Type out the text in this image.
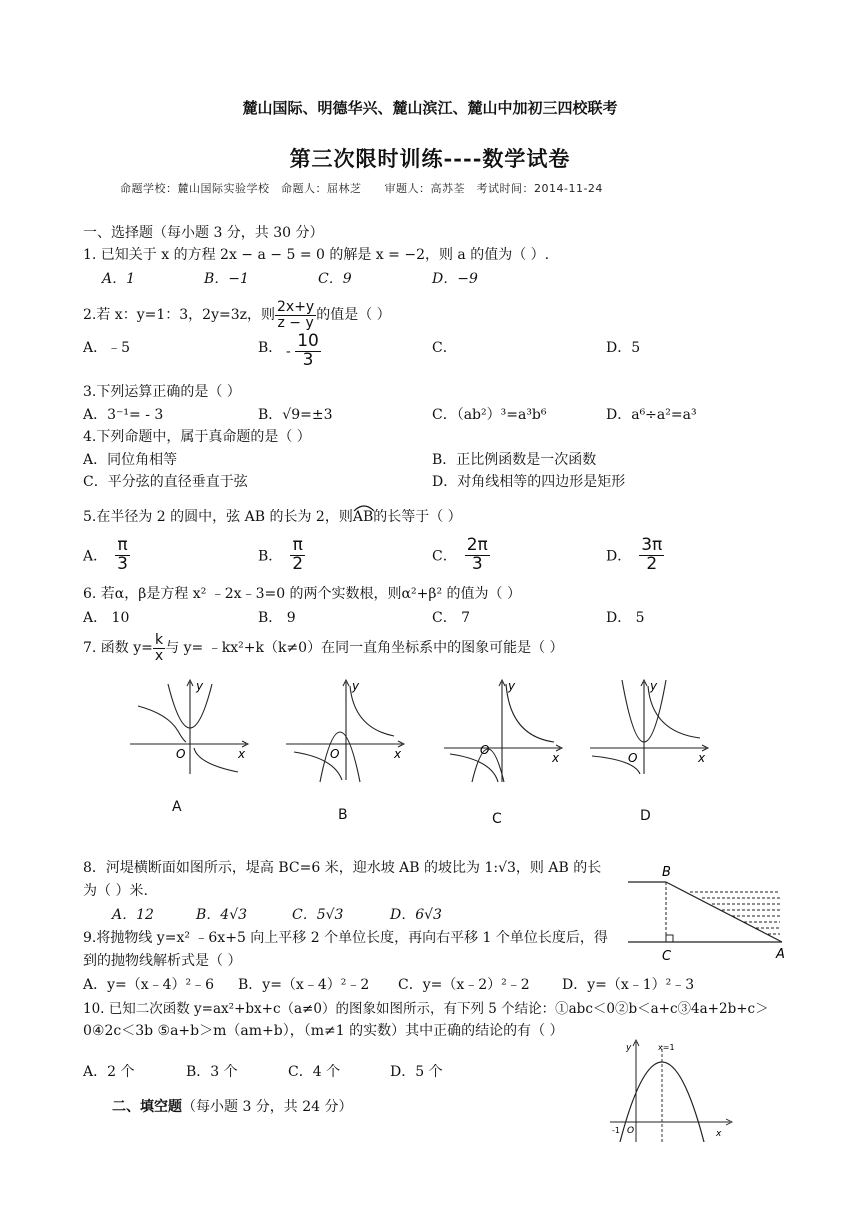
麓山国际、明德华兴、麓山滨江、麓山中加初三四校联考
第三次限时训练----数学试卷
命题学校：麓山国际实验学校　命题人：屈林芝　　审题人：高苏荃　考试时间：2014-11-24
一、选择题（每小题 3 分，共 30 分）
1. 已知关于 x 的方程 2x − a − 5 = 0 的解是 x = −2，则 a 的值为（ ）.
A．1	B．−1	C．9	D．−9
2.若 x：y=1：3，2y=3z，则 $\frac{2x+y}{z - y}$ 的值是（ ）
A．﹣5	B． - $\frac{10}{3}$	C．	D．5
3.下列运算正确的是（ ）
A．3⁻¹= - 3	B．√9=±3	C．（ab²）³=a³b⁶	D．a⁶÷a²=a³
4.下列命题中，属于真命题的是（ ）
A．同位角相等	B．正比例函数是一次函数
C．平分弦的直径垂直于弦	D．对角线相等的四边形是矩形
5.在半径为 2 的圆中，弦 AB 的长为 2，则
AB的长等于（ ）
A． $\frac{\pi}{3}$	B． $\frac{\pi}{2}$	C． $\frac{2\pi}{3}$	D． $\frac{3\pi}{2}$
6. 若α，β是方程 x² ﹣2x﹣3=0 的两个实数根，则α²+β² 的值为（ ）
A． 10	B． 9	C． 7	D． 5
7. 函数 $y= \frac{k}{x}$ 与 y= ﹣kx²+k（k≠0）在同一直角坐标系中的图象可能是（ ）
y
x
O
y
x
O
y
x
O
y
x
O
A	B	C	D
8．河堤横断面如图所示，堤高 BC=6 米，迎水坡 AB 的坡比为 1:√3，则 AB 的长
为（ ）米.
A．12	B．4√3	C．5√3	D．6√3
B
C	A
9.将抛物线 y=x² ﹣6x+5 向上平移 2 个单位长度，再向右平移 1 个单位长度后，得
到的抛物线解析式是（ ）
A．y=（x﹣4）²﹣6 B．y=（x﹣4）²﹣2 C．y=（x﹣2）²﹣2 D．y=（x﹣1）²﹣3
10. 已知二次函数 y=ax²+bx+c（a≠0）的图象如图所示，有下列 5 个结论：①abc＜0②b＜a+c③4a+2b+c＞
0④2c＜3b ⑤a+b＞m（am+b），（m≠1 的实数）其中正确的结论的有（ ）
A．2 个	B．3 个	C．4 个	D．5 个
y	x=1
-1 O	x
二、填空题（每小题 3 分，共 24 分）
